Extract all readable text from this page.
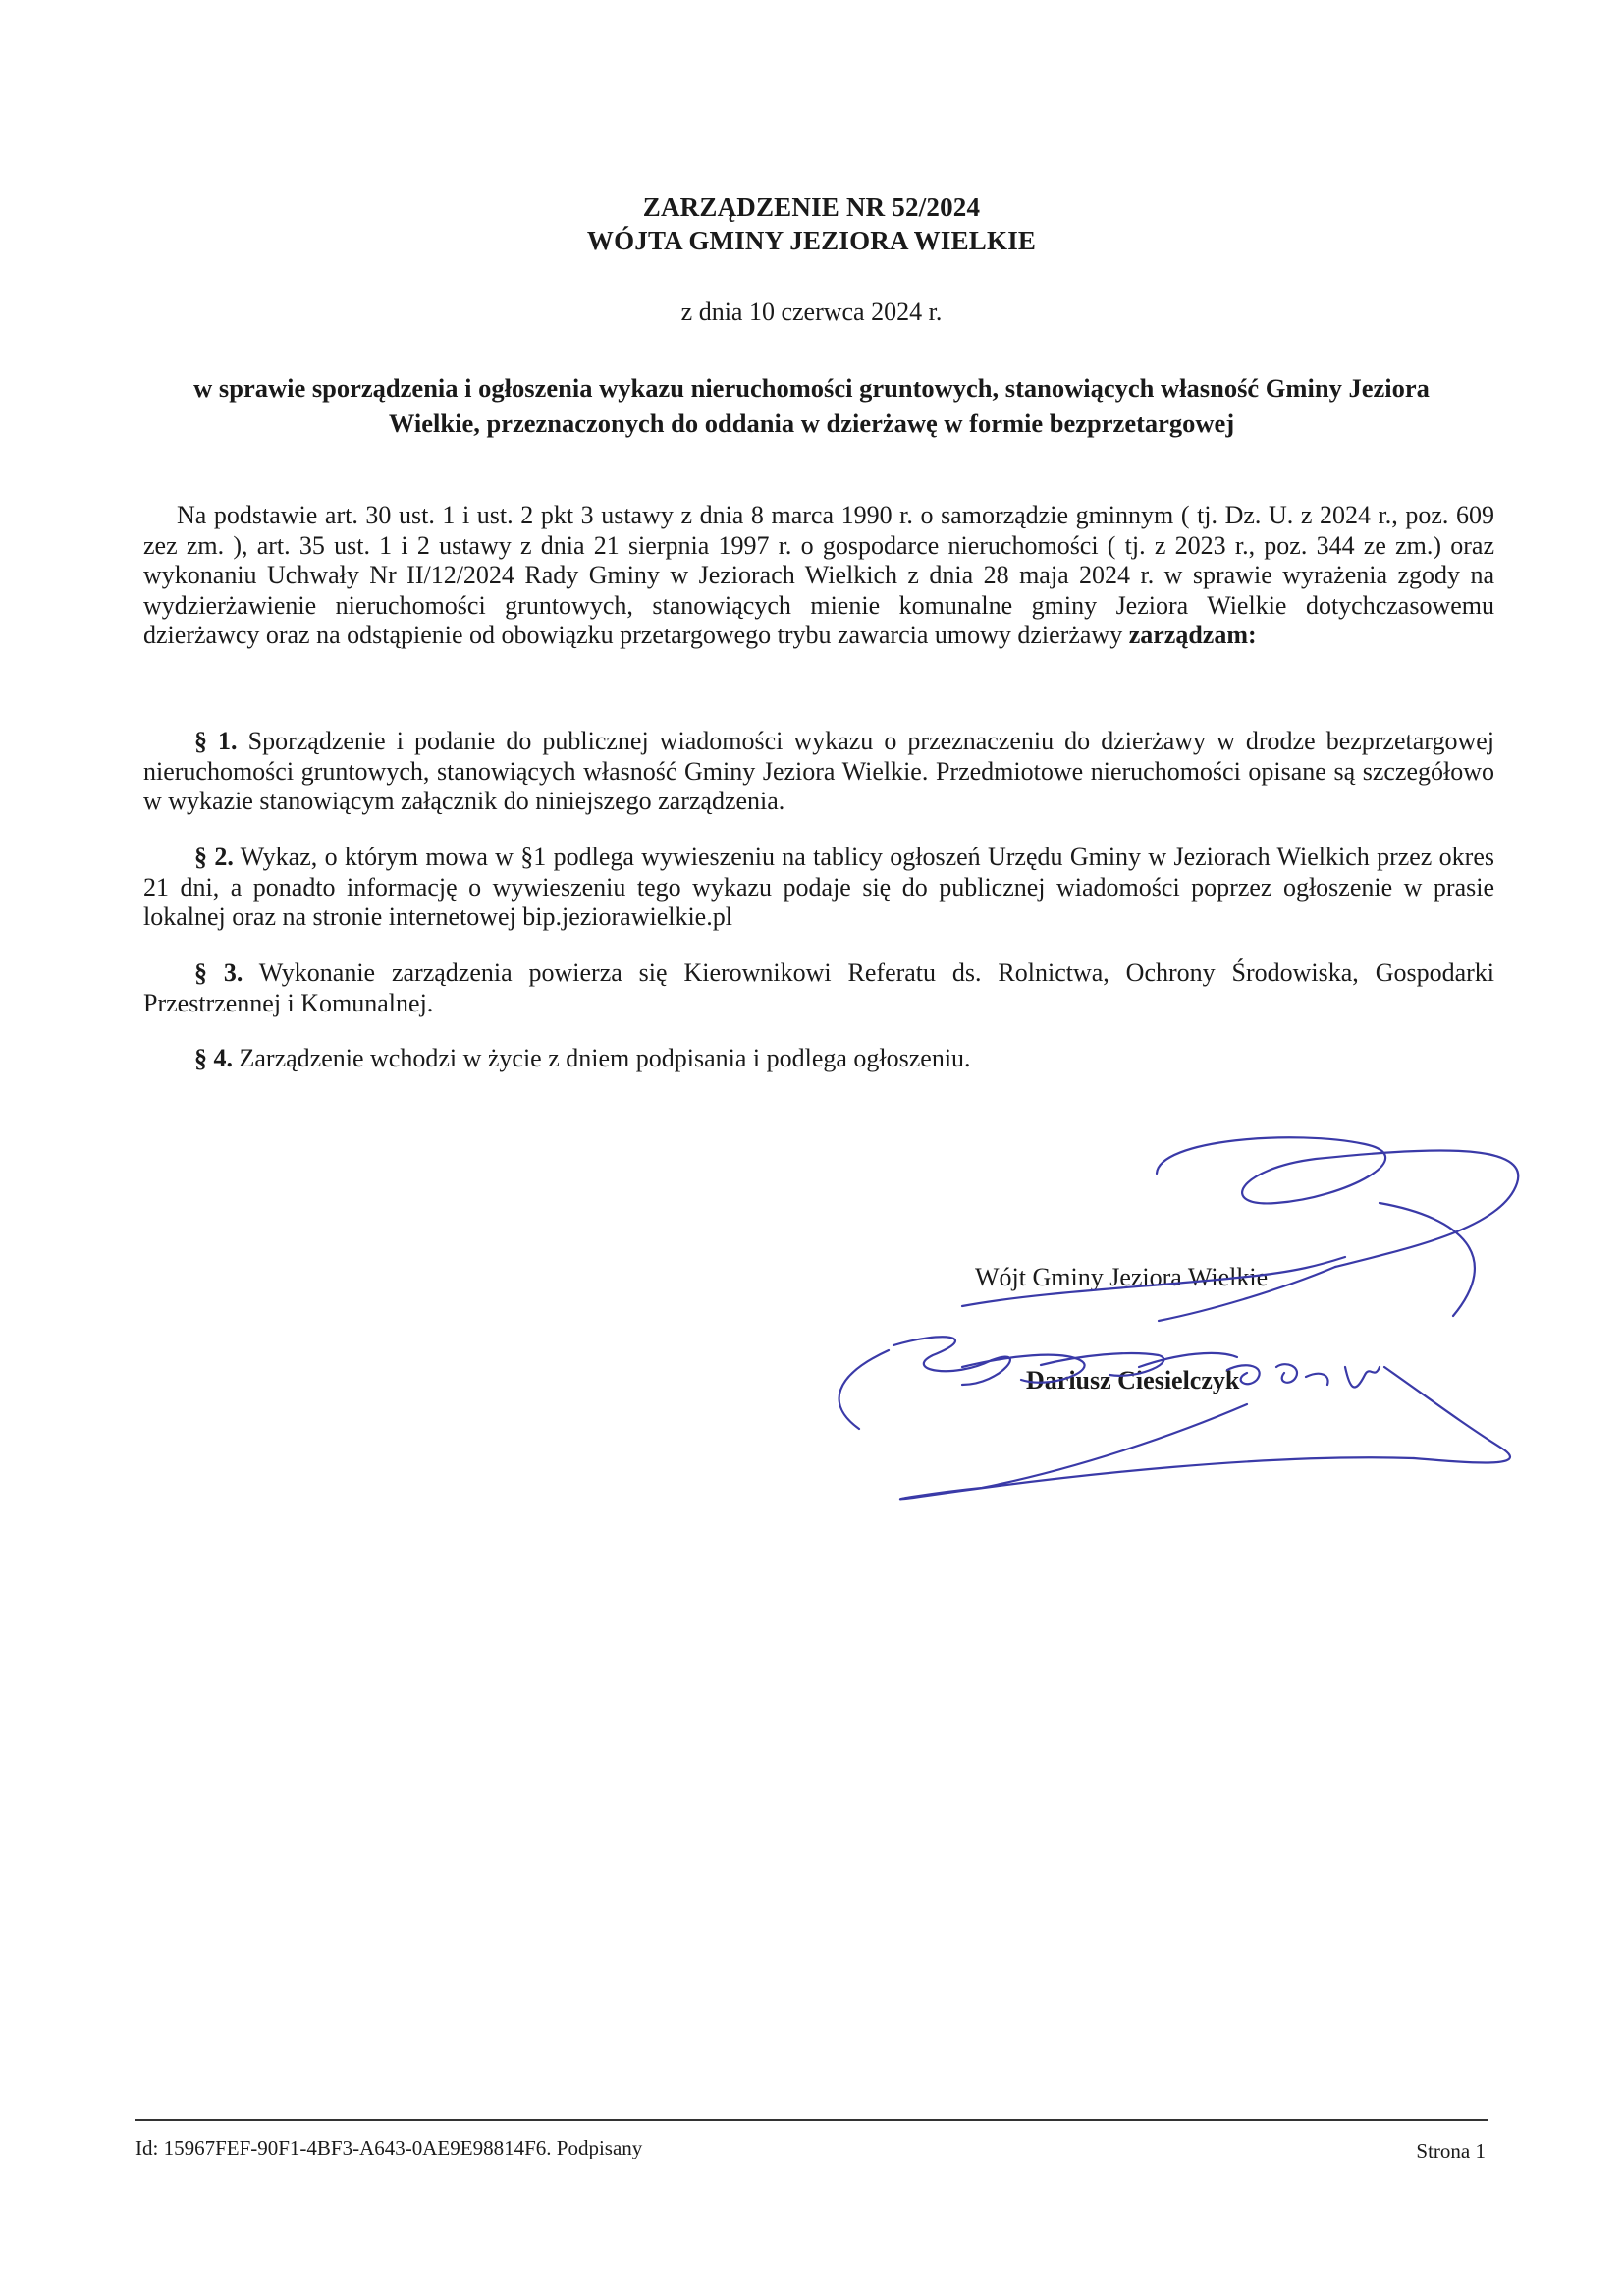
ZARZĄDZENIE NR 52/2024
WÓJTA GMINY JEZIORA WIELKIE
z dnia 10 czerwca 2024 r.
w sprawie sporządzenia i ogłoszenia wykazu nieruchomości gruntowych, stanowiących własność Gminy Jeziora Wielkie, przeznaczonych do oddania w dzierżawę w formie bezprzetargowej
Na podstawie art. 30 ust. 1 i ust. 2 pkt 3 ustawy z dnia 8 marca 1990 r. o samorządzie gminnym ( tj. Dz. U. z 2024 r., poz. 609 zez zm. ), art. 35 ust. 1 i 2 ustawy z dnia 21 sierpnia 1997 r. o gospodarce nieruchomości ( tj. z 2023 r., poz. 344 ze zm.) oraz wykonaniu Uchwały Nr II/12/2024 Rady Gminy w Jeziorach Wielkich z dnia 28 maja 2024 r. w sprawie wyrażenia zgody na wydzierżawienie nieruchomości gruntowych, stanowiących mienie komunalne gminy Jeziora Wielkie dotychczasowemu dzierżawcy oraz na odstąpienie od obowiązku przetargowego trybu zawarcia umowy dzierżawy zarządzam:
§ 1. Sporządzenie i podanie do publicznej wiadomości wykazu o przeznaczeniu do dzierżawy w drodze bezprzetargowej nieruchomości gruntowych, stanowiących własność Gminy Jeziora Wielkie. Przedmiotowe nieruchomości opisane są szczegółowo w wykazie stanowiącym załącznik do niniejszego zarządzenia.
§ 2. Wykaz, o którym mowa w §1 podlega wywieszeniu na tablicy ogłoszeń Urzędu Gminy w Jeziorach Wielkich przez okres 21 dni, a ponadto informację o wywieszeniu tego wykazu podaje się do publicznej wiadomości poprzez ogłoszenie w prasie lokalnej oraz na stronie internetowej bip.jeziorawielkie.pl
§ 3. Wykonanie zarządzenia powierza się Kierownikowi Referatu ds. Rolnictwa, Ochrony Środowiska, Gospodarki Przestrzennej i Komunalnej.
§ 4. Zarządzenie wchodzi w życie z dniem podpisania i podlega ogłoszeniu.
Wójt Gminy Jeziora Wielkie
Dariusz Ciesielczyk
Id: 15967FEF-90F1-4BF3-A643-0AE9E98814F6. Podpisany	Strona 1
